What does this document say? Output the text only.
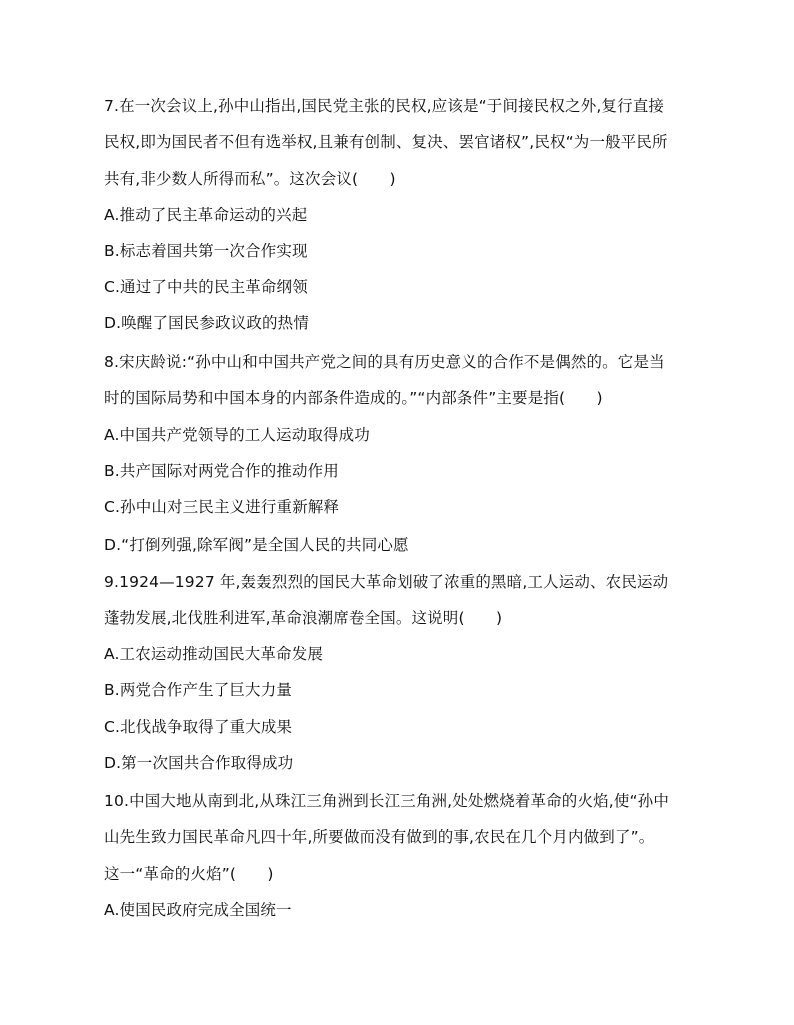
7.在一次会议上,孙中山指出,国民党主张的民权,应该是“于间接民权之外,复行直接
民权,即为国民者不但有选举权,且兼有创制、复决、罢官诸权”,民权“为一般平民所
共有,非少数人所得而私”。这次会议(　　)
A.推动了民主革命运动的兴起
B.标志着国共第一次合作实现
C.通过了中共的民主革命纲领
D.唤醒了国民参政议政的热情
8.宋庆龄说:“孙中山和中国共产党之间的具有历史意义的合作不是偶然的。它是当
时的国际局势和中国本身的内部条件造成的。”“内部条件”主要是指(　　)
A.中国共产党领导的工人运动取得成功
B.共产国际对两党合作的推动作用
C.孙中山对三民主义进行重新解释
D.“打倒列强,除军阀”是全国人民的共同心愿
9.1924—1927 年,轰轰烈烈的国民大革命划破了浓重的黑暗,工人运动、农民运动
蓬勃发展,北伐胜利进军,革命浪潮席卷全国。这说明(　　)
A.工农运动推动国民大革命发展
B.两党合作产生了巨大力量
C.北伐战争取得了重大成果
D.第一次国共合作取得成功
10.中国大地从南到北,从珠江三角洲到长江三角洲,处处燃烧着革命的火焰,使“孙中
山先生致力国民革命凡四十年,所要做而没有做到的事,农民在几个月内做到了”。
这一“革命的火焰”(　　)
A.使国民政府完成全国统一
